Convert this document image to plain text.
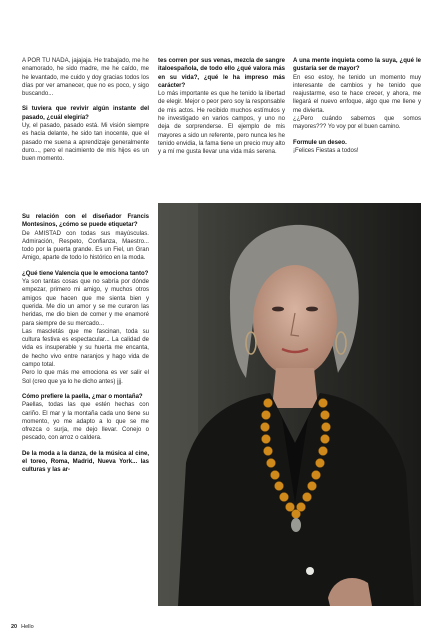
A POR TU NADA, jajajaja. He trabajado, me he enamorado, he sido madre, me he caído, me he levantado, me cuido y doy gracias todos los días por ver amanecer, que no es poco, y sigo buscando...
Si tuviera que revivir algún instante del pasado, ¿cuál elegiría?
Uy, el pasado, pasado está. Mi visión siempre es hacia delante, he sido tan inocente, que el pasado me suena a aprendizaje generalmente duro..., pero el nacimiento de mis hijos es un buen momento.
Su relación con el diseñador Francis Montesinos, ¿cómo se puede etiquetar?
De AMISTAD con todas sus mayúsculas. Admiración, Respeto, Confianza, Maestro... todo por la puerta grande. Es un Fiel, un Gran Amigo, aparte de todo lo histórico en la moda.
¿Qué tiene Valencia que le emociona tanto?
Ya son tantas cosas que no sabría por dónde empezar, primero mi amigo, y muchos otros amigos que hacen que me sienta bien y querida. Me dio un amor y se me curaron las heridas, me dio bien de comer y me enamoré para siempre de su mercado...
Las mascletás que me fascinan, toda su cultura festiva es espectacular... La calidad de vida es insuperable y su huerta me encanta, de hecho vivo entre naranjos y hago vida de campo total.
Pero lo que más me emociona es ver salir el Sol (creo que ya lo he dicho antes) jjj.
Cómo prefiere la paella, ¿mar o montaña?
Paellas, todas las que estén hechas con cariño. El mar y la montaña cada uno tiene su momento, yo me adapto a lo que se me ofrezca o surja, me dejo llevar. Conejo o pescado, con arroz o caldera.
De la moda a la danza, de la música al cine, el toreo, Roma, Madrid, Nueva York... las culturas y las ar-
tes corren por sus venas, mezcla de sangre italoespañola, de todo ello ¿qué valora más en su vida?, ¿qué le ha impreso más carácter?
Lo más importante es que he tenido la libertad de elegir. Mejor o peor pero soy la responsable de mis actos. He recibido muchos estímulos y he investigado en varios campos, y uno no deja de sorprenderse. El ejemplo de mis mayores a sido un referente, pero nunca les he tenido envidia, la fama tiene un precio muy alto y a mí me gusta llevar una vida más serena.
A una mente inquieta como la suya, ¿qué le gustaría ser de mayor?
En eso estoy, he tenido un momento muy interesante de cambios y he tenido que reajustarme, eso te hace crecer, y ahora, me llegará el nuevo enfoque, algo que me llene y me divierta.
¿¿Pero cuándo sabemos que somos mayores??? Yo voy por el buen camino.
Formule un deseo.
¡Felices Fiestas a todos!
20 Hello
